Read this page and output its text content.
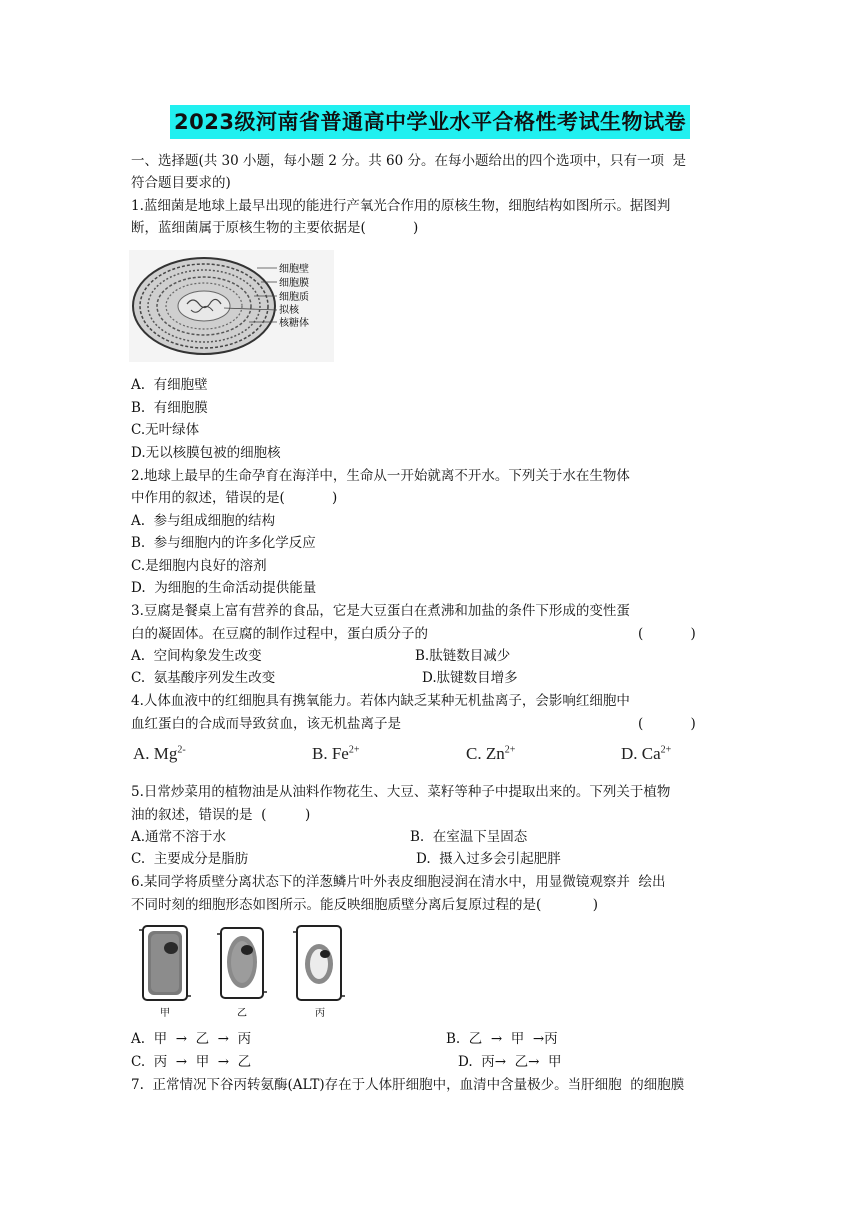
2023级河南省普通高中学业水平合格性考试生物试卷
一、选择题(共 30 小题，每小题 2 分。共 60 分。在每小题给出的四个选项中，只有一项  是
符合题目要求的)
1.蓝细菌是地球上最早出现的能进行产氧光合作用的原核生物，细胞结构如图所示。据图判
断，蓝细菌属于原核生物的主要依据是(           )
细胞壁
细胞膜
细胞质
拟核
核糖体
A.  有细胞壁
B.  有细胞膜
C.无叶绿体
D.无以核膜包被的细胞核
2.地球上最早的生命孕育在海洋中，生命从一开始就离不开水。下列关于水在生物体
中作用的叙述，错误的是(           )
A.  参与组成细胞的结构
B.  参与细胞内的许多化学反应
C.是细胞内良好的溶剂
D.  为细胞的生命活动提供能量
3.豆腐是餐桌上富有营养的食品，它是大豆蛋白在煮沸和加盐的条件下形成的变性蛋
白的凝固体。在豆腐的制作过程中，蛋白质分子的	(           )
A.  空间构象发生改变	B.肽链数目减少
C.  氨基酸序列发生改变	D.肽键数目增多
4.人体血液中的红细胞具有携氧能力。若体内缺乏某种无机盐离子，会影响红细胞中
血红蛋白的合成而导致贫血，该无机盐离子是	(           )
A. $Mg^{2-}$	B. $Fe^{2+}$	C. $Zn^{2+}$	D. $Ca^{2+}$
5.日常炒菜用的植物油是从油料作物花生、大豆、菜籽等种子中提取出来的。下列关于植物
油的叙述，错误的是  (         )
A.通常不溶于水	B.  在室温下呈固态
C.  主要成分是脂肪	D.  摄入过多会引起肥胖
6.某同学将质壁分离状态下的洋葱鳞片叶外表皮细胞浸润在清水中，用显微镜观察并  绘出
不同时刻的细胞形态如图所示。能反映细胞质壁分离后复原过程的是(            )
甲	乙	丙
A.  甲  →  乙  →  丙	B.  乙  →  甲  →丙
C.  丙  →  甲  →  乙	D.  丙→  乙→  甲
7.  正常情况下谷丙转氨酶(ALT)存在于人体肝细胞中，血清中含量极少。当肝细胞  的细胞膜
